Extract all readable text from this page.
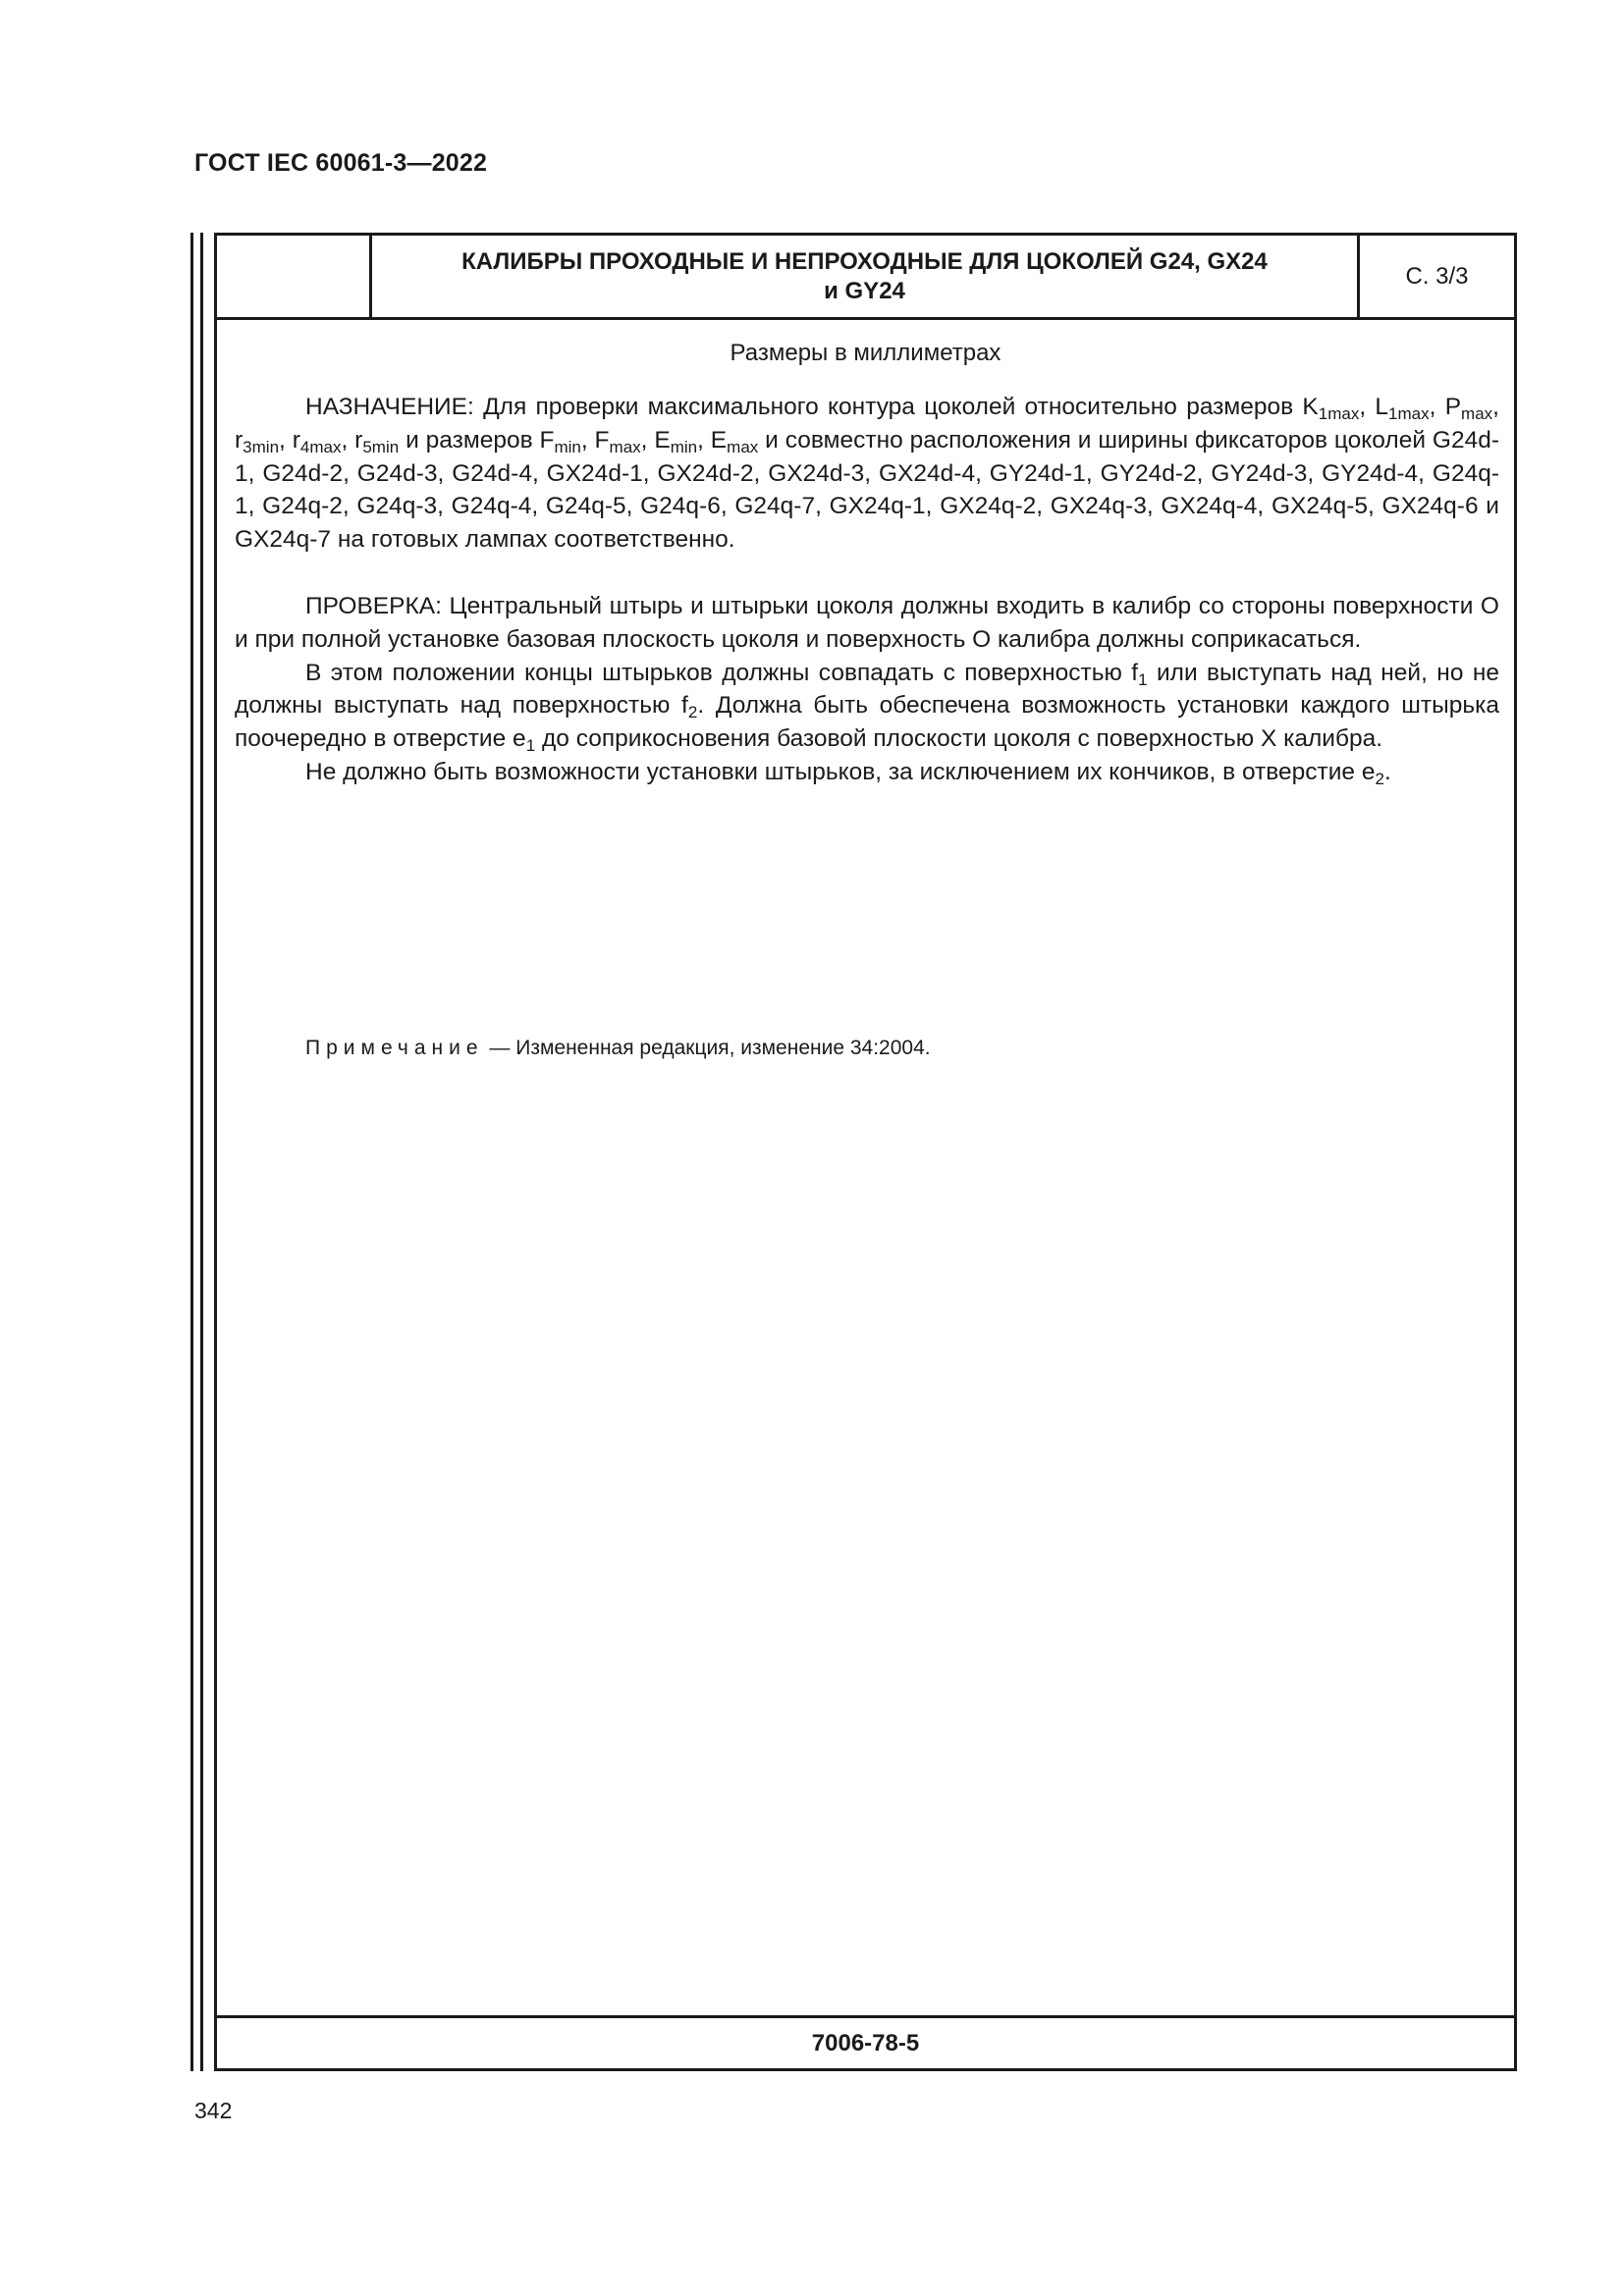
ГОСТ IEC 60061-3—2022
КАЛИБРЫ ПРОХОДНЫЕ И НЕПРОХОДНЫЕ ДЛЯ ЦОКОЛЕЙ G24, GX24
и GY24
С. 3/3
Размеры в миллиметрах

НАЗНАЧЕНИЕ: Для проверки максимального контура цоколей относительно размеров $K_{1max}$, $L_{1max}$, $P_{max}$, $r_{3min}$, $r_{4max}$, $r_{5min}$ и размеров $F_{min}$, $F_{max}$, $E_{min}$, $E_{max}$ и совместно расположения и ширины фиксаторов цоколей G24d-1, G24d-2, G24d-3, G24d-4, GX24d-1, GX24d-2, GX24d-3, GX24d-4, GY24d-1, GY24d-2, GY24d-3, GY24d-4, G24q-1, G24q-2, G24q-3, G24q-4, G24q-5, G24q-6, G24q-7, GX24q-1, GX24q-2, GX24q-3, GX24q-4, GX24q-5, GX24q-6 и GX24q-7 на готовых лампах соответственно.

ПРОВЕРКА: Центральный штырь и штырьки цоколя должны входить в калибр со стороны поверхности O и при полной установке базовая плоскость цоколя и поверхность O калибра должны соприкасаться.

В этом положении концы штырьков должны совпадать с поверхностью $f_1$ или выступать над ней, но не должны выступать над поверхностью $f_2$. Должна быть обеспечена возможность установки каждого штырька поочередно в отверстие $e_1$ до соприкосновения базовой плоскости цоколя с поверхностью X калибра.

Не должно быть возможности установки штырьков, за исключением их кончиков, в отверстие $e_2$.

Примечание — Измененная редакция, изменение 34:2004.
7006-78-5
342
